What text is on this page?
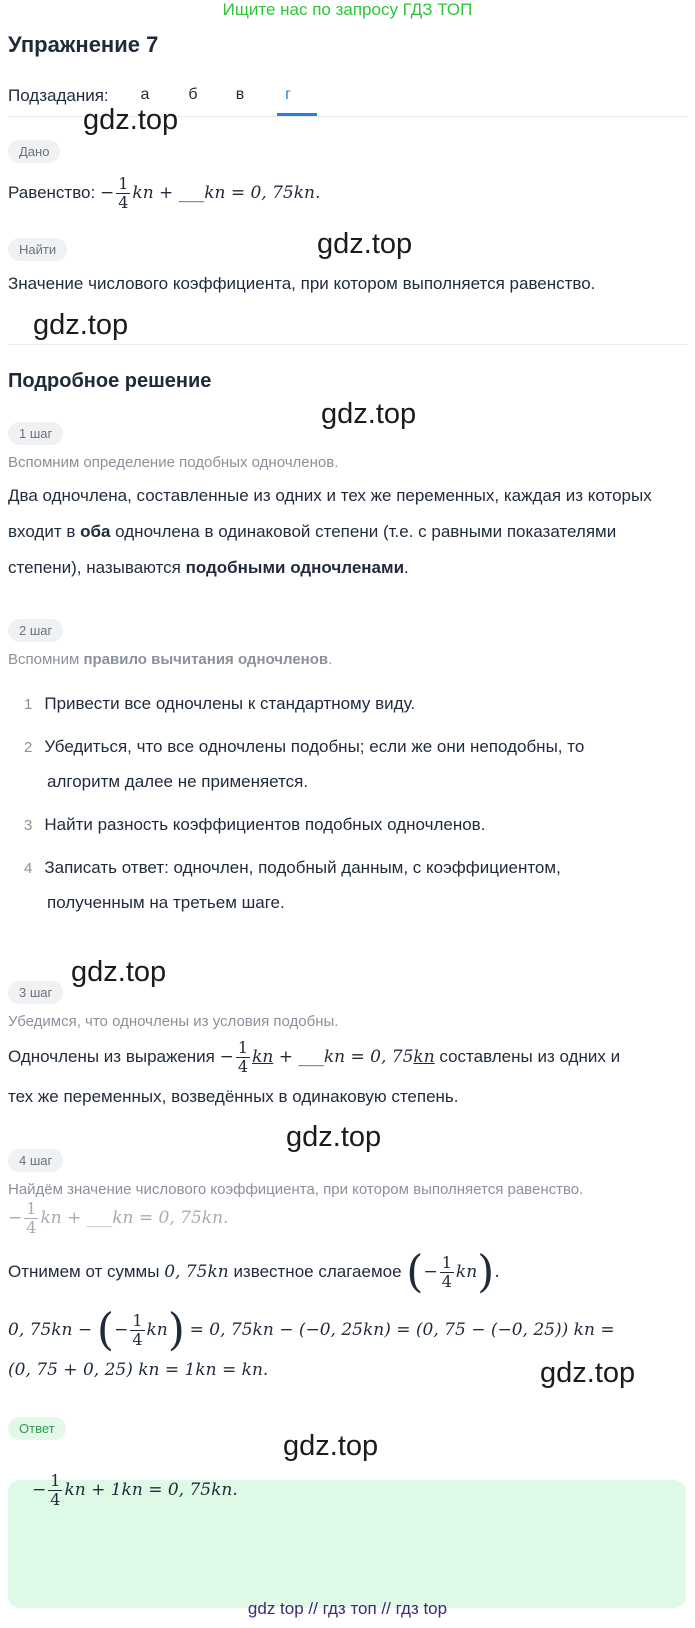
Ищите нас по запросу ГДЗ ТОП
Упражнение 7
Подзадания:	а	б	в	г
gdz.top
gdz.top
gdz.top
gdz.top
gdz.top
gdz.top
gdz.top
gdz.top
Дано
Равенство: − $\frac{1}{4}$ kn + ___kn = 0, 75kn.
Найти
Значение числового коэффициента, при котором выполняется равенство.
Подробное решение
1 шаг
Вспомним определение подобных одночленов.
Два одночлена, составленные из одних и тех же переменных, каждая из которых входит в оба одночлена в одинаковой степени (т.е. с равными показателями степени), называются подобными одночленами.
2 шаг
Вспомним правило вычитания одночленов.
1 Привести все одночлены к стандартному виду.
2 Убедиться, что все одночлены подобны; если же они неподобны, то
алгоритм далее не применяется.
3 Найти разность коэффициентов подобных одночленов.
4 Записать ответ: одночлен, подобный данным, с коэффициентом,
полученным на третьем шаге.
3 шаг
Убедимся, что одночлены из условия подобны.
Одночлены из выражения − $\frac{1}{4}$ kn + ___kn = 0, 75kn составлены из одних и
тех же переменных, возведённых в одинаковую степень.
4 шаг
Найдём значение числового коэффициента, при котором выполняется равенство.
− $\frac{1}{4}$ kn + ___kn = 0, 75kn.
Отнимем от суммы 0, 75kn известное слагаемое (− $\frac{1}{4} kn$).
0, 75kn − (− $\frac{1}{4} kn) = 0$, 75kn − (−0, 25kn) = (0, 75 − (−0, 25)) kn =
(0, 75 + 0, 25) kn = 1kn = kn.
Ответ
− $\frac{1}{4}$ kn + 1kn = 0, 75kn.
gdz top // гдз топ // гдз top
